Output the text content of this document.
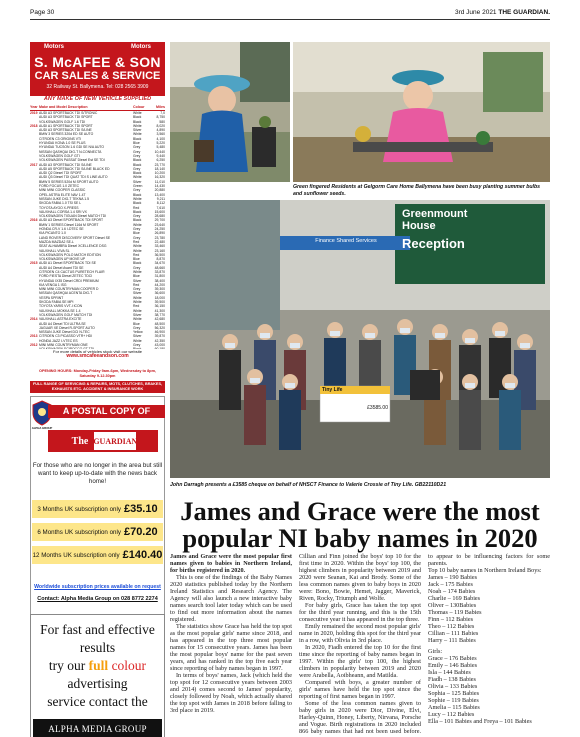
Page 30	3rd June 2021 THE GUARDIAN.
Motors	Motors
S. McAFEE & SON
CAR SALES & SERVICE
32 Railway St. Ballymena. Tel: 028 2565 3909
ANY MAKE OF NEW VEHICLE SUPPLIED
Year Make and Model Description	Colour	Miles
2019 AUDI A3 SPORTBACK TDI S/TRONIC	White	7,0
AUDI A3 SPORTBACK TDI SPORT	Black	8,750
VOLKSWAGEN GOLF 1.6 TDI	Black	580
2018 AUDI A1 SPORTBACK TDI SPORT	White	8,020
AUDI A3 SPORTBACK TDI S/LINE	Silver	4,890
BMW 3 SERIES 320d ED SE AUTO	White	3,560
CITROEN C3 ORIGINS VTI	Black	4,100
HYUNDAI KONA 1.0 SE PLUS	Blue	5,220
HYUNDAI TUCSON 1.6 GDI SE N/A AUTO	Grey	5,480
NISSAN QASHQAI DIG-T N-CONNECTA	Grey	10,440
VOLKSWAGEN GOLF GTI	Grey	9,440
VOLKSWAGEN PASSAT Diesel Est SE TDI	Black	6,250
2017 AUDI A3 SPORTBACK TDI S/LINE	Black	23,770
AUDI A5 SPORTBACK TDI S/LINE BLACK ED	Grey	18,140
AUDI Q2 Diesel TDI SPORT	Black	10,200
AUDI Q3 Diesel TDI QUAT TDI S LINE AUTO	White	16,320
BMW 5 SERIES 520d M SPORT AUTO	Silver	11,010
FORD FOCUS 1.0 ZETEC	Green	14,430
MINI MINI COOPER CLASSIC	Grey	20,880
OPEL ASTRA ELITE NAV 1.4T	Black	13,400
NISSAN JUKE DIG-T TEKNA 1.5	White	9,211
SKODA FABIA 1.0 TSI SE L	Black	8,112
TOYOTA AYGO X-PRESS	Red	7,610
VAUXHALL CORSA 1.4 SRI VX	Black	15,600
VOLKSWAGEN TIGUAN Diesel MATCH TDI	Grey	28,680
2016 AUDI A3 Diesel SPORTBACK TDI SPORT	Black	29,700
BMW 1 SERIES Diesel 116d M SPORT	White	23,640
HONDA CR-V 1.6 I-DTEC SE	Grey	24,250
KIA PICANTO 1.0	Blue	26,890
LAND ROVER DISCOVERY SPORT Diesel SE	Grey	23,780
MAZDA MAZDA2 SE-L	Red	22,480
SEAT ALHAMBRA Diesel XCELLENCE DSG	White	33,460
VAUXHALL VIVA SL	White	23,160
VOLKSWAGEN POLO MATCH EDITION	Red	36,500
VOLKSWAGEN UP MOVE UP	Blue	8,870
2015 AUDI A1 Diesel SPORTBACK TDI SE	Black	34,670
AUDI A4 Diesel Avant TDI SE	Grey	48,660
CITROEN C4 CACTUS PURETECH FLAIR	White	33,870
FORD FIESTA Diesel ZETEC TDCI	Blue	31,800
HYUNDAI IX35 Diesel CRDI PREMIUM	Silver	38,400
KIA VENGA 1 ISG	Red	44,200
MINI MINI COUNTRYMAN COOPER D	Grey	39,300
NISSAN QASHQAI ACENTA DIG-T	Silver	36,600
VESPA SPRINT	White	18,000
SKODA FABIA SE MPI	White	39,500
TOYOTA YARIS VVT-I ICON	Red	36,150
VAUXHALL MOKKA SE 1.4	White	41,300
VOLKSWAGEN GOLF MATCH TDI	Silver	38,770
2014 VAUXHALL ASTRA EXCITE	White	42,680
AUDI A4 Diesel TDI ULTRA SE	Blue	48,500
JAGUAR XE Diesel R-SPORT AUTO	Grey	56,320
NISSAN JUKE Diesel DCI N-TEC	Yellow	46,900
2013 CITROEN C3 PICASSO VTR+ HDI	Silver	39,870
HONDA JAZZ I-VTEC ES	White	42,350
2012 MINI MINI COUNTRYMAN ONE	Grey	43,000
For more details of vehicles stock visit our website
www.smcafeeandson.com
OPENING HOURS: Monday-Friday 9am-6pm, Wednesday to 8pm,
Saturday 9-12.30pm
FULL RANGE OF SERVICING & REPAIRS, MOTS, CLUTCHES, BRAKES, EXHAUSTS ETC. ACCIDENT & INSURANCE WORK
ALPHA GROUP
A POSTAL COPY OF
The GUARDIAN
For those who are no longer in the area but still want to keep up-to-date with the news back home!
3 Months UK subscription only £35.10
6 Months UK subscription only £70.20
12 Months UK subscription only £140.40
Worldwide subscription prices available on request
Contact: Alpha Media Group on 028 8772 2274
For fast and effective results
try our full colour advertising
service contact the
ALPHA MEDIA GROUP
Green fingered Residents at Gelgorm Care Home Ballymena have been busy planting summer bulbs and sunflower seeds.
Greenmount
House
Reception
Finance Shared Services
Tiny Life
£3585.00
John Darragh presents a £3585 cheque on behalf of NHSCT Finance to Valerie Crossie of Tiny Life. GB22110D21
James and Grace were the most popular NI baby names in 2020

James and Grace were the most popular first names given to babies in Northern Ireland, for births registered in 2020.

This is one of the findings of the Baby Names 2020 statistics published today by the Northern Ireland Statistics and Research Agency. The Agency will also launch a new interactive baby names search tool later today which can be used to find out more information about the names registered.

The statistics show Grace has held the top spot as the most popular girls' name since 2018, and has appeared in the top three most popular names for 15 consecutive years. James has been the most popular boys' name for the past seven years, and has ranked in the top five each year since reporting of baby names began in 1997.

In terms of boys' names, Jack (which held the top spot for 12 consecutive years between 2003 and 2014) comes second to James' popularity, closely followed by Noah, which actually shared the top spot with James in 2018 before falling to 3rd place in 2019.

Cillian and Finn joined the boys' top 10 for the first time in 2020. Within the boys' top 100, the highest climbers in popularity between 2019 and 2020 were Seanan, Kai and Brody. Some of the less common names given to baby boys in 2020 were: Bono, Bowie, Hemet, Jagger, Maverick, Riven, Rocky, Triumph and Wolfe.

For baby girls, Grace has taken the top spot for the third year running, and this is the 15th consecutive year it has appeared in the top three.

Emily remained the second most popular girls' name in 2020, holding this spot for the third year in a row, with Olivia in 3rd place.

In 2020, Fiadh entered the top 10 for the first time since the reporting of baby names began in 1997. Within the girls' top 100, the highest climbers in popularity between 2019 and 2020 were Arabella, Aoibheann, and Matilda.

Compared with boys, a greater number of girls' names have held the top spot since the reporting of first names began in 1997.

Some of the less common names given to baby girls in 2020 were Dior, Divine, Elvi, Harley-Quinn, Honey, Liberty, Nirvana, Porsche and Vogue. Birth registrations in 2020 included 866 baby names that had not been used before.

to appear to be influencing factors for some parents.

Top 10 baby names in Northern Ireland Boys:
James – 190 Babies
Jack – 175 Babies
Noah – 174 Babies
Charlie – 169 Babies
Oliver – 130Babies
Thomas – 119 Babies
Finn – 112 Babies
Theo – 112 Babies
Cillian – 111 Babies
Harry – 111 Babies
Girls:
Grace – 176 Babies
Emily – 146 Babies
Isla – 144 Babies
Fiadh – 138 Babies
Olivia – 133 Babies
Sophia – 125 Babies
Sophie – 119 Babies
Amelia – 115 Babies
Lucy – 112 Babies
Ella – 101 Babies and Freya – 101 Babies
